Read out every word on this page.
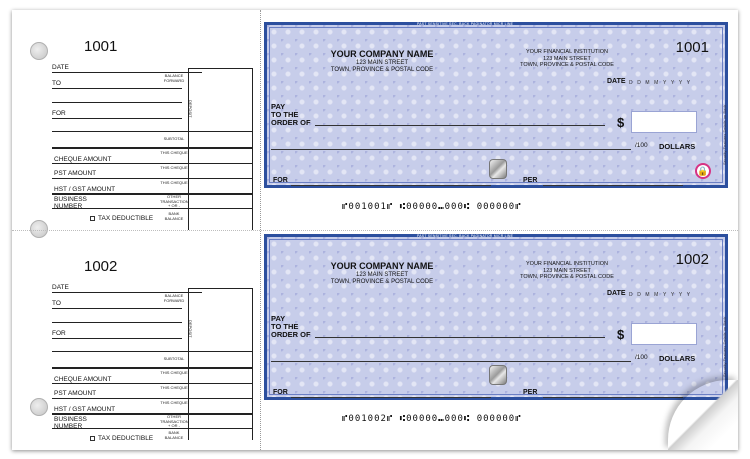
1001
DATE
TO
FOR
BALANCE FORWARD
DEPOSIT
SUBTOTAL
CHEQUE AMOUNT
THIS CHEQUE
PST AMOUNT
THIS CHEQUE
HST / GST AMOUNT
THIS CHEQUE
BUSINESS NUMBER
OTHER TRANSACTION + OR -
TAX DEDUCTIBLE
BANK BALANCE
1002
DATE
TO
FOR
BALANCE FORWARD
DEPOSIT
SUBTOTAL
CHEQUE AMOUNT
THIS CHEQUE
PST AMOUNT
THIS CHEQUE
HST / GST AMOUNT
THIS CHEQUE
BUSINESS NUMBER
OTHER TRANSACTION + OR -
TAX DEDUCTIBLE
BANK BALANCE
PAST SENSITIVE SEC. BACK PAGINATOR MICR LINE
YOUR COMPANY NAME
123 MAIN STREET
TOWN, PROVINCE & POSTAL CODE
YOUR FINANCIAL INSTITUTION
123 MAIN STREET
TOWN, PROVINCE & POSTAL CODE
1001
DATE DDMMYYYY
PAY
TO THE
ORDER OF	$
/100 DOLLARS
🔒
Security Features Details on Back
FOR	PER
⑈001001⑈ ⑆00000⑉000⑆ 000000⑈
PAST SENSITIVE SEC. BACK PAGINATOR MICR LINE
YOUR COMPANY NAME
123 MAIN STREET
TOWN, PROVINCE & POSTAL CODE
YOUR FINANCIAL INSTITUTION
123 MAIN STREET
TOWN, PROVINCE & POSTAL CODE
1002
DATE DDMMYYYY
PAY
TO THE
ORDER OF	$
/100 DOLLARS	Security Features Details on Back
FOR	PER
⑈001002⑈ ⑆00000⑉000⑆ 000000⑈
